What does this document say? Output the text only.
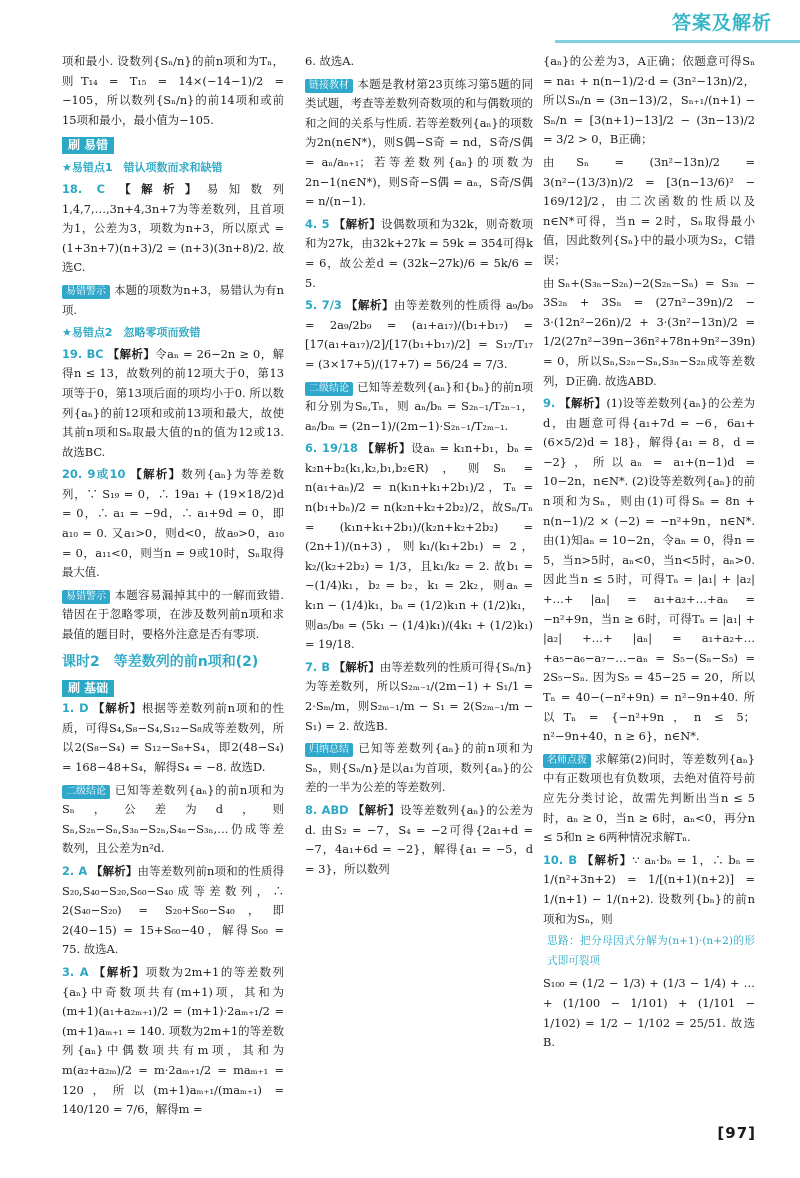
答案及解析

项和最小. 设数列{Sₙ/n}的前n项和为Tₙ，则T₁₄ = T₁₅ = 14×(−14−1)/2 = −105，所以数列{Sₙ/n}的前14项和或前15项和最小，最小值为−105.

刷 易错
★易错点1　错认项数而求和缺错

18. C 【解析】易知数列1,4,7,…,3n+4,3n+7为等差数列，且首项为1，公差为3，项数为n+3，所以原式 = (1+3n+7)(n+3)/2 = (n+3)(3n+8)/2. 故选C.

易错警示 本题的项数为n+3，易错认为有n项.

★易错点2　忽略零项而致错

19. BC 【解析】令aₙ = 26−2n ≥ 0，解得n ≤ 13，故数列的前12项大于0，第13项等于0，第13项后面的项均小于0. 所以数列{aₙ}的前12项和或前13项和最大，故使其前n项和Sₙ取最大值的n的值为12或13. 故选BC.

20. 9或10 【解析】数列{aₙ}为等差数列，∵ S₁₉ = 0，∴ 19a₁ + (19×18/2)d = 0，∴ a₁ = −9d，∴ a₁+9d = 0，即a₁₀ = 0. 又a₁>0，则d<0，故a₉>0，a₁₀ = 0，a₁₁<0，则当n = 9或10时，Sₙ取得最大值.

易错警示 本题容易漏掉其中的一解而致错. 错因在于忽略零项，在涉及数列前n项和求最值的题目时，要格外注意是否有零项.

课时2　等差数列的前n项和(2)
刷 基础

1. D 【解析】根据等差数列前n项和的性质，可得S₄,S₈−S₄,S₁₂−S₈成等差数列，所以2(S₈−S₄) = S₁₂−S₈+S₄，即2(48−S₄) = 168−48+S₄，解得S₄ = −8. 故选D.

二级结论 已知等差数列{aₙ}的前n项和为Sₙ，公差为d，则Sₙ,S₂ₙ−Sₙ,S₃ₙ−S₂ₙ,S₄ₙ−S₃ₙ,…仍成等差数列，且公差为n²d.

2. A 【解析】由等差数列前n项和的性质得S₂₀,S₄₀−S₂₀,S₆₀−S₄₀成等差数列，∴ 2(S₄₀−S₂₀) = S₂₀+S₆₀−S₄₀，即2(40−15) = 15+S₆₀−40，解得S₆₀ = 75. 故选A.

3. A 【解析】项数为2m+1的等差数列{aₙ}中奇数项共有(m+1)项，其和为(m+1)(a₁+a₂ₘ₊₁)/2 = (m+1)·2aₘ₊₁/2 = (m+1)aₘ₊₁ = 140. 项数为2m+1的等差数列{aₙ}中偶数项共有m项，其和为m(a₂+a₂ₘ)/2 = m·2aₘ₊₁/2 = maₘ₊₁ = 120，所以(m+1)aₘ₊₁/(maₘ₊₁) = 140/120 = 7/6，解得m =

6. 故选A.

链接教材 本题是教材第23页练习第5题的同类试题，考查等差数列奇数项的和与偶数项的和之间的关系与性质. 若等差数列{aₙ}的项数为2n(n∈N*)，则S偶−S奇 = nd，S奇/S偶 = aₙ/aₙ₊₁；若等差数列{aₙ}的项数为2n−1(n∈N*)，则S奇−S偶 = aₙ，S奇/S偶 = n/(n−1).

4. 5 【解析】设偶数项和为32k，则奇数项和为27k，由32k+27k = 59k = 354可得k = 6，故公差d = (32k−27k)/6 = 5k/6 = 5.

5. 7/3 【解析】由等差数列的性质得 a₉/b₉ = 2a₉/2b₉ = (a₁+a₁₇)/(b₁+b₁₇) = [17(a₁+a₁₇)/2]/[17(b₁+b₁₇)/2] = S₁₇/T₁₇ = (3×17+5)/(17+7) = 56/24 = 7/3.

二级结论 已知等差数列{aₙ}和{bₙ}的前n项和分别为Sₙ,Tₙ，则 aₙ/bₙ = S₂ₙ₋₁/T₂ₙ₋₁，aₙ/bₘ = (2n−1)/(2m−1)·S₂ₙ₋₁/T₂ₘ₋₁.

6. 19/18 【解析】设aₙ = k₁n+b₁，bₙ = k₂n+b₂(k₁,k₂,b₁,b₂∈R)，则Sₙ = n(a₁+aₙ)/2 = n(k₁n+k₁+2b₁)/2，Tₙ = n(b₁+bₙ)/2 = n(k₂n+k₂+2b₂)/2，故Sₙ/Tₙ = (k₁n+k₁+2b₁)/(k₂n+k₂+2b₂) = (2n+1)/(n+3)，则k₁/(k₁+2b₁) = 2，k₂/(k₂+2b₂) = 1/3，且k₁/k₂ = 2. 故b₁ = −(1/4)k₁，b₂ = b₂，k₁ = 2k₂，则aₙ = k₁n − (1/4)k₁，bₙ = (1/2)k₁n + (1/2)k₁，则a₅/b₈ = (5k₁ − (1/4)k₁)/(4k₁ + (1/2)k₁) = 19/18.

7. B 【解析】由等差数列的性质可得{Sₙ/n}为等差数列，所以S₂ₘ₋₁/(2m−1) + S₁/1 = 2·Sₘ/m，则S₂ₘ₋₁/m − S₁ = 2(S₂ₘ₋₁/m − S₁) = 2. 故选B.

归纳总结 已知等差数列{aₙ}的前n项和为Sₙ，则{Sₙ/n}是以a₁为首项，数列{aₙ}的公差的一半为公差的等差数列.

8. ABD 【解析】设等差数列{aₙ}的公差为d. 由S₂ = −7，S₄ = −2可得{2a₁+d = −7，4a₁+6d = −2}，解得{a₁ = −5，d = 3}，所以数列

{aₙ}的公差为3，A正确；依题意可得Sₙ = na₁ + n(n−1)/2·d = (3n²−13n)/2，所以Sₙ/n = (3n−13)/2，Sₙ₊₁/(n+1) − Sₙ/n = [3(n+1)−13]/2 − (3n−13)/2 = 3/2 > 0，B正确；

由Sₙ = (3n²−13n)/2 = 3(n²−(13/3)n)/2 = [3(n−13/6)² − 169/12]/2，由二次函数的性质以及n∈N*可得，当n = 2时，Sₙ取得最小值，因此数列{Sₙ}中的最小项为S₂，C错误；

由Sₙ+(S₃ₙ−S₂ₙ)−2(S₂ₙ−Sₙ) = S₃ₙ − 3S₂ₙ + 3Sₙ = (27n²−39n)/2 − 3·(12n²−26n)/2 + 3·(3n²−13n)/2 = 1/2(27n²−39n−36n²+78n+9n²−39n) = 0，所以Sₙ,S₂ₙ−Sₙ,S₃ₙ−S₂ₙ成等差数列，D正确. 故选ABD.

9. 【解析】(1)设等差数列{aₙ}的公差为d，由题意可得{a₁+7d = −6，6a₁+(6×5/2)d = 18}，解得{a₁ = 8，d = −2}，所以aₙ = a₁+(n−1)d = 10−2n，n∈N*. (2)设等差数列{aₙ}的前n项和为Sₙ，则由(1)可得Sₙ = 8n + n(n−1)/2 × (−2) = −n²+9n，n∈N*. 由(1)知aₙ = 10−2n，令aₙ = 0，得n = 5，当n>5时，aₙ<0，当n<5时，aₙ>0. 因此当n ≤ 5时，可得Tₙ = |a₁| + |a₂| +…+ |aₙ| = a₁+a₂+…+aₙ = −n²+9n，当n ≥ 6时，可得Tₙ = |a₁| + |a₂| +…+ |aₙ| = a₁+a₂+…+a₅−a₆−a₇−…−aₙ = S₅−(Sₙ−S₅) = 2S₅−Sₙ. 因为S₅ = 45−25 = 20，所以Tₙ = 40−(−n²+9n) = n²−9n+40. 所以Tₙ = {−n²+9n，n ≤ 5；n²−9n+40，n ≥ 6}，n∈N*.

名师点拨 求解第(2)问时，等差数列{aₙ}中有正数项也有负数项，去绝对值符号前应先分类讨论，故需先判断出当n ≤ 5时，aₙ ≥ 0，当n ≥ 6时，aₙ<0，再分n ≤ 5和n ≥ 6两种情况求解Tₙ.

10. B 【解析】∵ aₙ·bₙ = 1，∴ bₙ = 1/(n²+3n+2) = 1/[(n+1)(n+2)] = 1/(n+1) − 1/(n+2). 设数列{bₙ}的前n项和为Sₙ，则

思路：把分母因式分解为(n+1)·(n+2)的形式即可裂项

S₁₀₀ = (1/2 − 1/3) + (1/3 − 1/4) + … + (1/100 − 1/101) + (1/101 − 1/102) = 1/2 − 1/102 = 25/51. 故选B.

[97]
